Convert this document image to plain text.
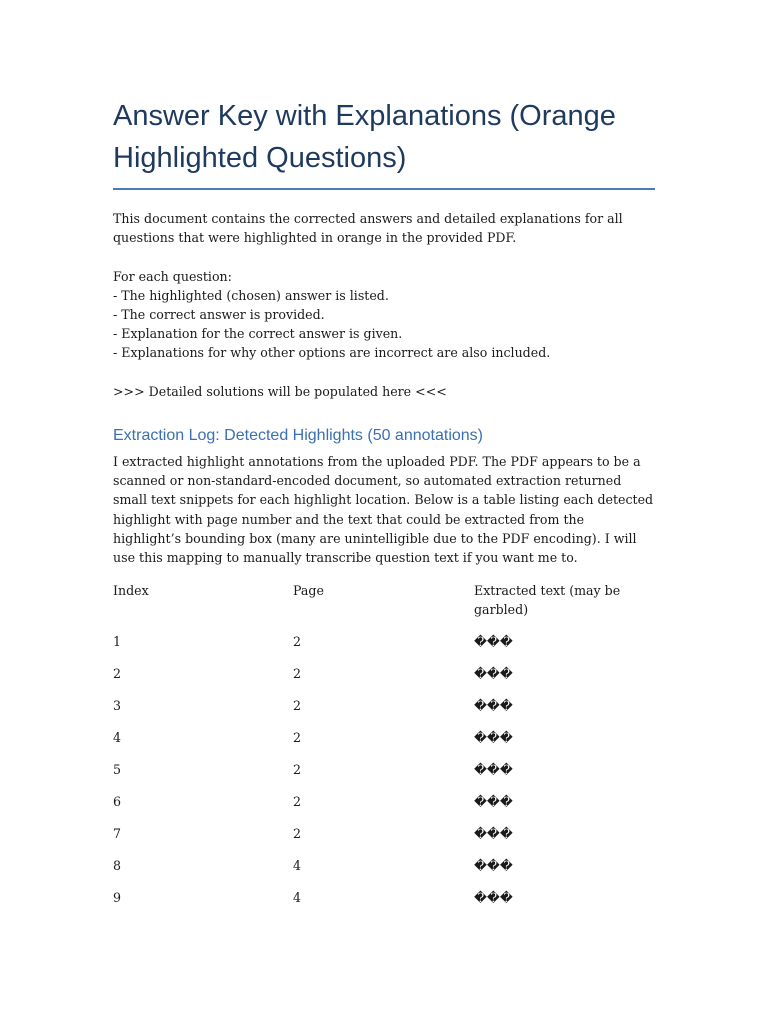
Answer Key with Explanations (Orange Highlighted Questions)

This document contains the corrected answers and detailed explanations for all questions that were highlighted in orange in the provided PDF.

For each question:
- The highlighted (chosen) answer is listed.
- The correct answer is provided.
- Explanation for the correct answer is given.
- Explanations for why other options are incorrect are also included.

>>> Detailed solutions will be populated here <<<

Extraction Log: Detected Highlights (50 annotations)

I extracted highlight annotations from the uploaded PDF. The PDF appears to be a scanned or non-standard-encoded document, so automated extraction returned small text snippets for each highlight location. Below is a table listing each detected highlight with page number and the text that could be extracted from the highlight’s bounding box (many are unintelligible due to the PDF encoding). I will use this mapping to manually transcribe question text if you want me to.

Index	Page	Extracted text (may be garbled)

1	2	���
2	2	���
3	2	���
4	2	���
5	2	���
6	2	���
7	2	���
8	4	���
9	4	���
